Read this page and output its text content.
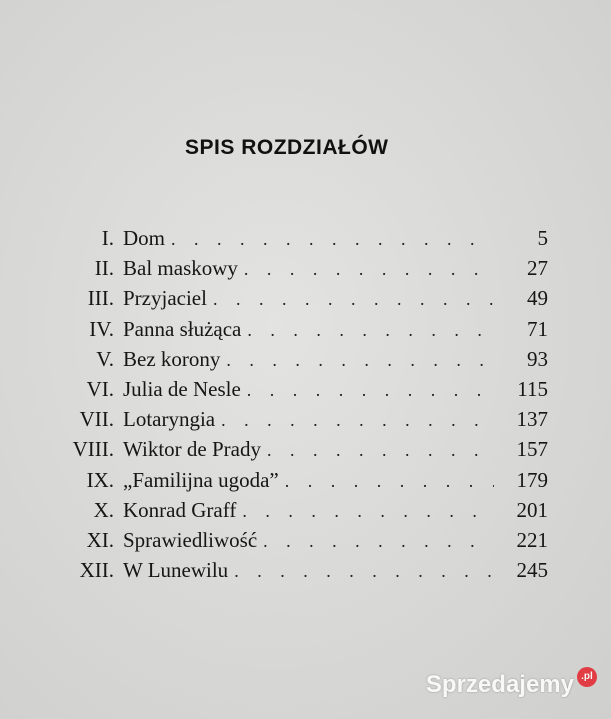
SPIS ROZDZIAŁÓW
I. Dom . . .	5
II. Bal maskowy . . .	27
III. Przyjaciel . . .	49
IV. Panna służąca . . .	71
V. Bez korony . . .	93
VI. Julia de Nesle . . .	115
VII. Lotaryngia . . .	137
VIII. Wiktor de Prady . . .	157
IX. „Familijna ugoda” . . .	179
X. Konrad Graff . . .	201
XI. Sprawiedliwość . . .	221
XII. W Lunewilu . . .	245
Sprzedajemy .pl
